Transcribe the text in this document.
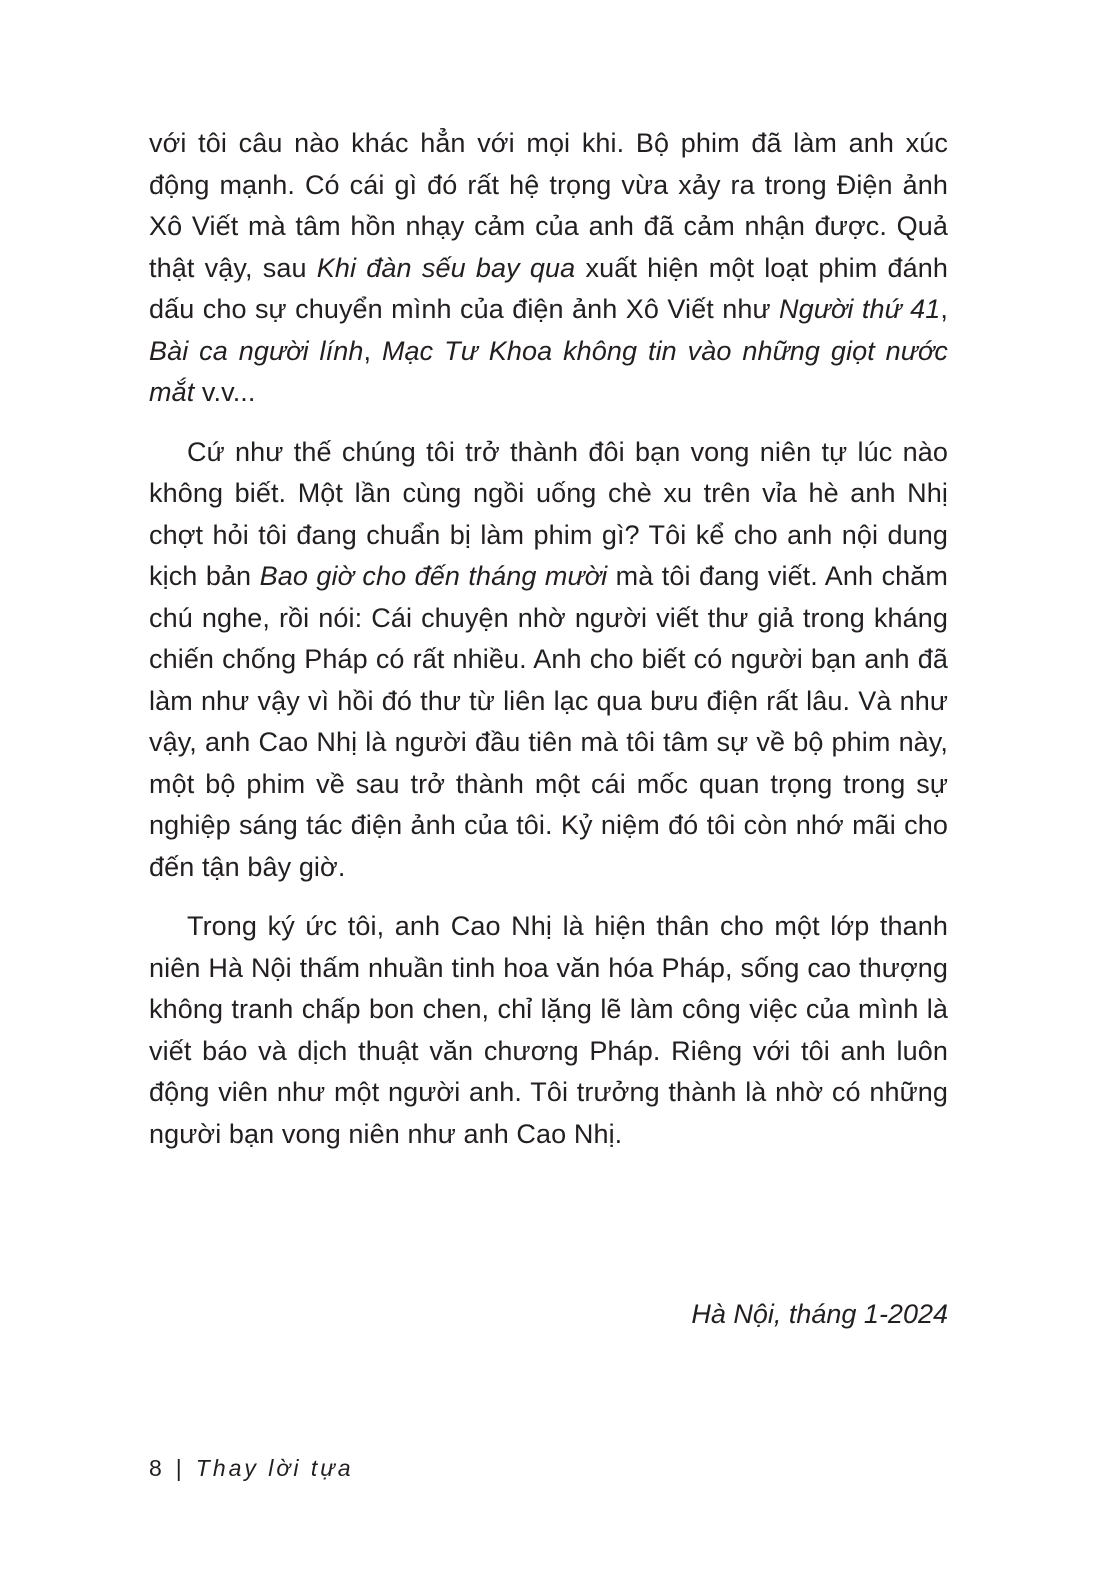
với tôi câu nào khác hẳn với mọi khi. Bộ phim đã làm anh xúc động mạnh. Có cái gì đó rất hệ trọng vừa xảy ra trong Điện ảnh Xô Viết mà tâm hồn nhạy cảm của anh đã cảm nhận được. Quả thật vậy, sau Khi đàn sếu bay qua xuất hiện một loạt phim đánh dấu cho sự chuyển mình của điện ảnh Xô Viết như Người thứ 41, Bài ca người lính, Mạc Tư Khoa không tin vào những giọt nước mắt v.v...

Cứ như thế chúng tôi trở thành đôi bạn vong niên tự lúc nào không biết. Một lần cùng ngồi uống chè xu trên vỉa hè anh Nhị chợt hỏi tôi đang chuẩn bị làm phim gì? Tôi kể cho anh nội dung kịch bản Bao giờ cho đến tháng mười mà tôi đang viết. Anh chăm chú nghe, rồi nói: Cái chuyện nhờ người viết thư giả trong kháng chiến chống Pháp có rất nhiều. Anh cho biết có người bạn anh đã làm như vậy vì hồi đó thư từ liên lạc qua bưu điện rất lâu. Và như vậy, anh Cao Nhị là người đầu tiên mà tôi tâm sự về bộ phim này, một bộ phim về sau trở thành một cái mốc quan trọng trong sự nghiệp sáng tác điện ảnh của tôi. Kỷ niệm đó tôi còn nhớ mãi cho đến tận bây giờ.

Trong ký ức tôi, anh Cao Nhị là hiện thân cho một lớp thanh niên Hà Nội thấm nhuần tinh hoa văn hóa Pháp, sống cao thượng không tranh chấp bon chen, chỉ lặng lẽ làm công việc của mình là viết báo và dịch thuật văn chương Pháp. Riêng với tôi anh luôn động viên như một người anh. Tôi trưởng thành là nhờ có những người bạn vong niên như anh Cao Nhị.

Hà Nội, tháng 1-2024
8 | Thay lời tựa
